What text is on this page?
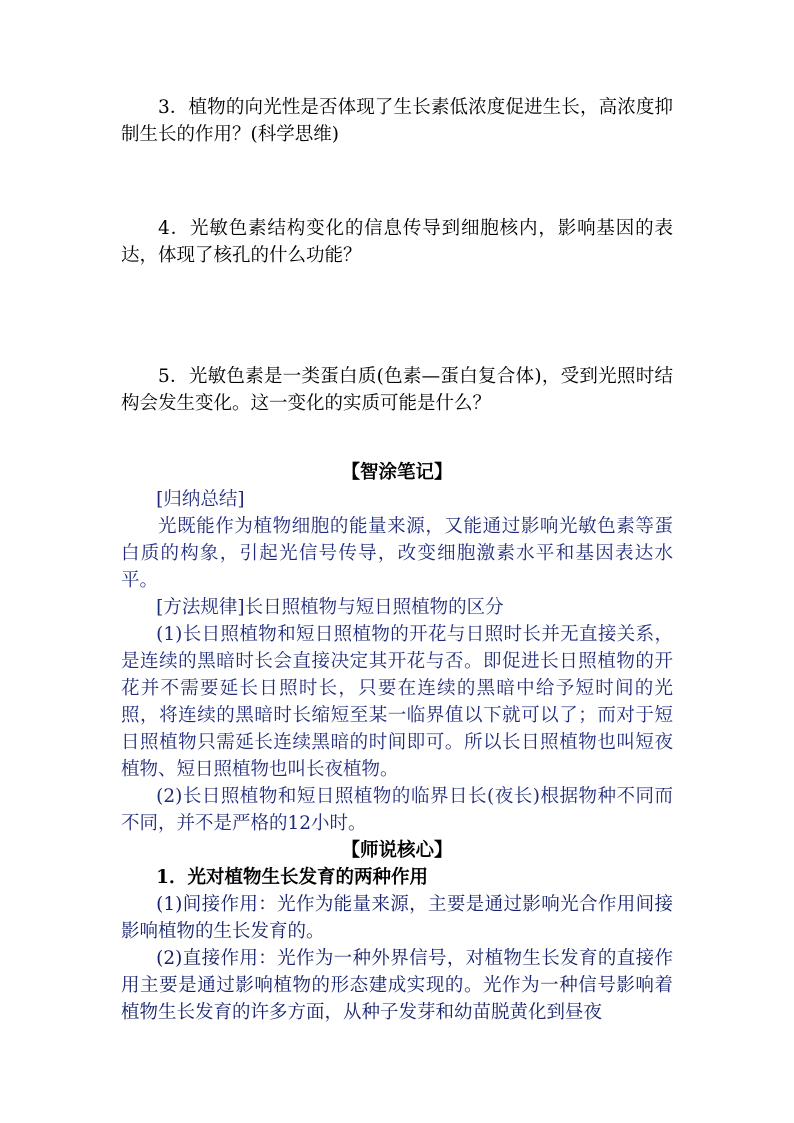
3．植物的向光性是否体现了生长素低浓度促进生长，高浓度抑制生长的作用？(科学思维)

4．光敏色素结构变化的信息传导到细胞核内，影响基因的表达，体现了核孔的什么功能？

5．光敏色素是一类蛋白质(色素—蛋白复合体)，受到光照时结构会发生变化。这一变化的实质可能是什么？

【智涂笔记】

[归纳总结]

光既能作为植物细胞的能量来源，又能通过影响光敏色素等蛋白质的构象，引起光信号传导，改变细胞激素水平和基因表达水平。

[方法规律]长日照植物与短日照植物的区分

(1)长日照植物和短日照植物的开花与日照时长并无直接关系，是连续的黑暗时长会直接决定其开花与否。即促进长日照植物的开花并不需要延长日照时长，只要在连续的黑暗中给予短时间的光照，将连续的黑暗时长缩短至某一临界值以下就可以了；而对于短日照植物只需延长连续黑暗的时间即可。所以长日照植物也叫短夜植物、短日照植物也叫长夜植物。

(2)长日照植物和短日照植物的临界日长(夜长)根据物种不同而不同，并不是严格的12小时。

【师说核心】

1．光对植物生长发育的两种作用

(1)间接作用：光作为能量来源，主要是通过影响光合作用间接影响植物的生长发育的。

(2)直接作用：光作为一种外界信号，对植物生长发育的直接作用主要是通过影响植物的形态建成实现的。光作为一种信号影响着植物生长发育的许多方面，从种子发芽和幼苗脱黄化到昼夜
